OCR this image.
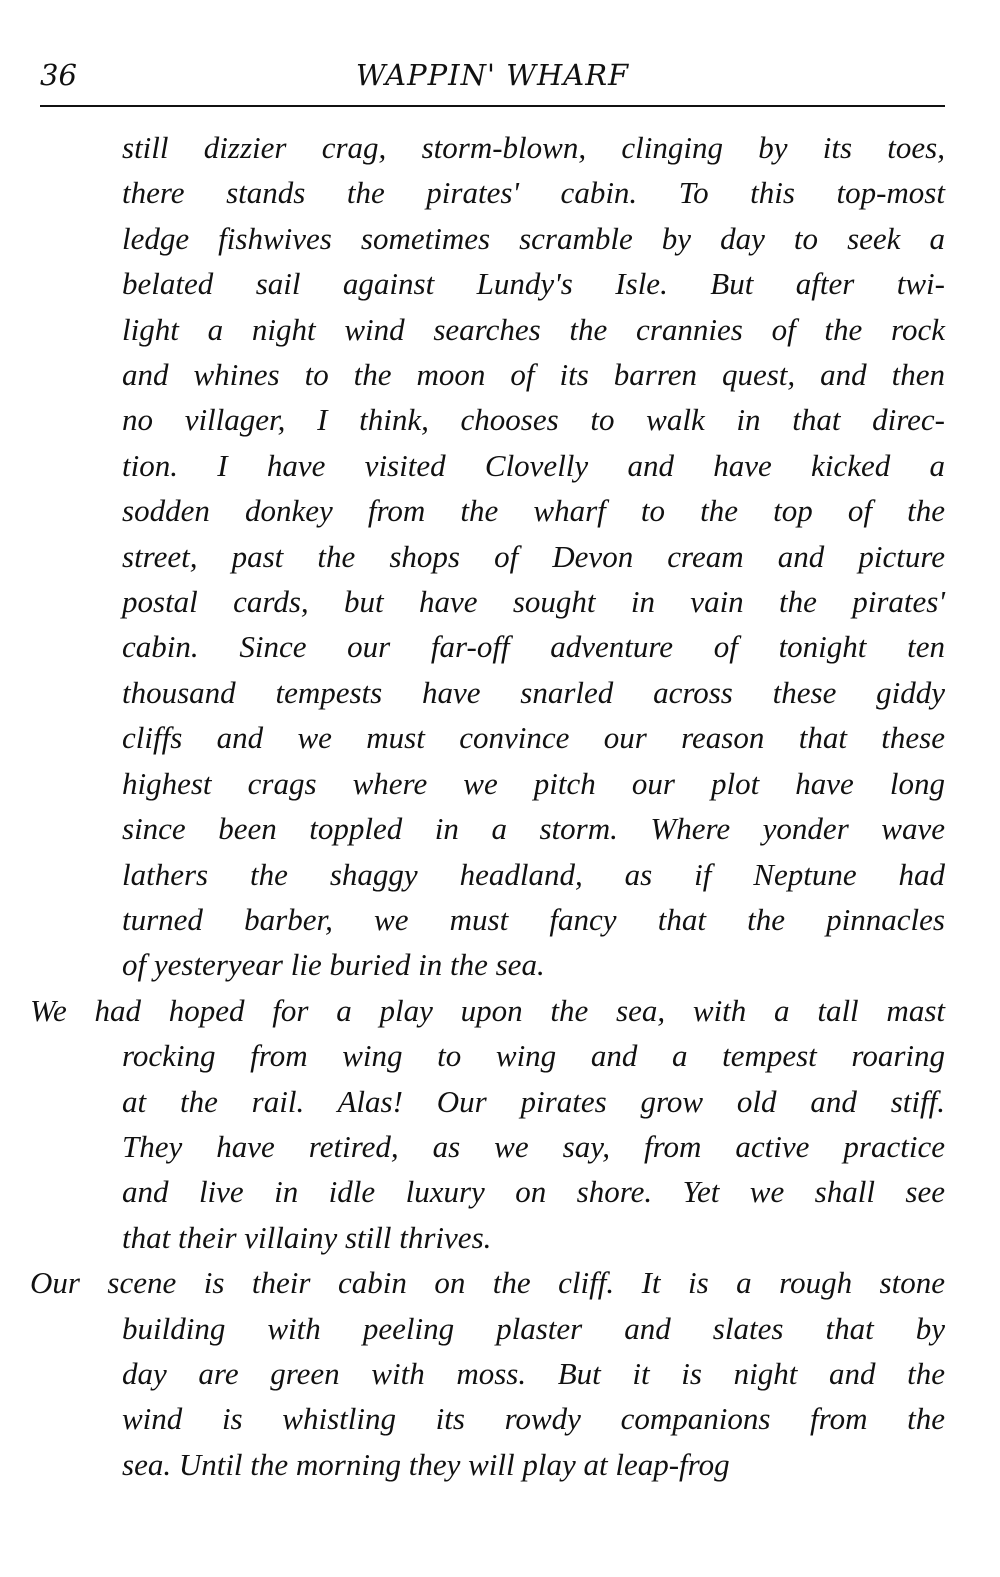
36	WAPPIN' WHARF

still dizzier crag, storm-blown, clinging by its toes,
there stands the pirates' cabin. To this top-most
ledge fishwives sometimes scramble by day to seek a
belated sail against Lundy's Isle. But after twi-
light a night wind searches the crannies of the rock
and whines to the moon of its barren quest, and then
no villager, I think, chooses to walk in that direc-
tion. I have visited Clovelly and have kicked a
sodden donkey from the wharf to the top of the
street, past the shops of Devon cream and picture
postal cards, but have sought in vain the pirates'
cabin. Since our far-off adventure of tonight ten
thousand tempests have snarled across these giddy
cliffs and we must convince our reason that these
highest crags where we pitch our plot have long
since been toppled in a storm. Where yonder wave
lathers the shaggy headland, as if Neptune had
turned barber, we must fancy that the pinnacles
of yesteryear lie buried in the sea.

We had hoped for a play upon the sea, with a tall mast
rocking from wing to wing and a tempest roaring
at the rail. Alas! Our pirates grow old and stiff.
They have retired, as we say, from active practice
and live in idle luxury on shore. Yet we shall see
that their villainy still thrives.

Our scene is their cabin on the cliff. It is a rough stone
building with peeling plaster and slates that by
day are green with moss. But it is night and the
wind is whistling its rowdy companions from the
sea. Until the morning they will play at leap-frog
